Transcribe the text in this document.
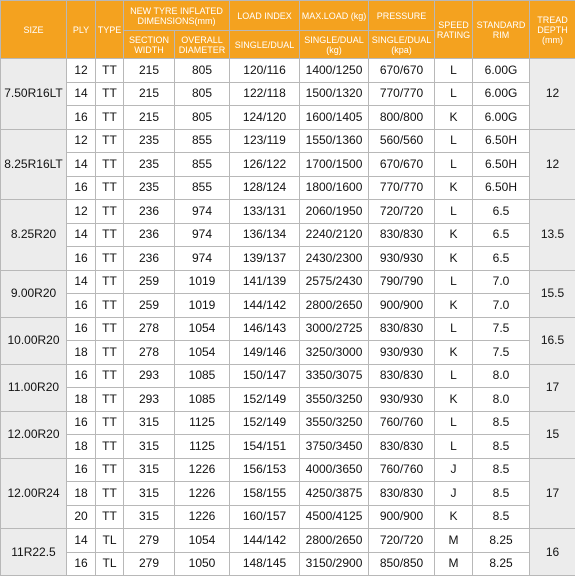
SIZE	PLY	TYPE	NEW TYRE INFLATED DIMENSIONS(mm)		LOAD INDEX	MAX.LOAD (kg)	PRESSURE	SPEED RATING	STANDARD RIM	TREAD DEPTH (mm)
			SECTION WIDTH	OVERALL DIAMETER	SINGLE/DUAL	SINGLE/DUAL (kg)	SINGLE/DUAL (kpa)			
7.50R16LT	12	TT	215	805	120/116	1400/1250	670/670	L	6.00G	12
	14	TT	215	805	122/118	1500/1320	770/770	L	6.00G	
	16	TT	215	805	124/120	1600/1405	800/800	K	6.00G	
8.25R16LT	12	TT	235	855	123/119	1550/1360	560/560	L	6.50H	12
	14	TT	235	855	126/122	1700/1500	670/670	L	6.50H	
	16	TT	235	855	128/124	1800/1600	770/770	K	6.50H	
8.25R20	12	TT	236	974	133/131	2060/1950	720/720	L	6.5	13.5
	14	TT	236	974	136/134	2240/2120	830/830	K	6.5	
	16	TT	236	974	139/137	2430/2300	930/930	K	6.5	
9.00R20	14	TT	259	1019	141/139	2575/2430	790/790	L	7.0	15.5
	16	TT	259	1019	144/142	2800/2650	900/900	K	7.0	
10.00R20	16	TT	278	1054	146/143	3000/2725	830/830	L	7.5	16.5
	18	TT	278	1054	149/146	3250/3000	930/930	K	7.5	
11.00R20	16	TT	293	1085	150/147	3350/3075	830/830	L	8.0	17
	18	TT	293	1085	152/149	3550/3250	930/930	K	8.0	
12.00R20	16	TT	315	1125	152/149	3550/3250	760/760	L	8.5	15
	18	TT	315	1125	154/151	3750/3450	830/830	L	8.5	
12.00R24	16	TT	315	1226	156/153	4000/3650	760/760	J	8.5	17
	18	TT	315	1226	158/155	4250/3875	830/830	J	8.5	
	20	TT	315	1226	160/157	4500/4125	900/900	K	8.5	
11R22.5	14	TL	279	1054	144/142	2800/2650	720/720	M	8.25	16
	16	TL	279	1050	148/145	3150/2900	850/850	M	8.25	
